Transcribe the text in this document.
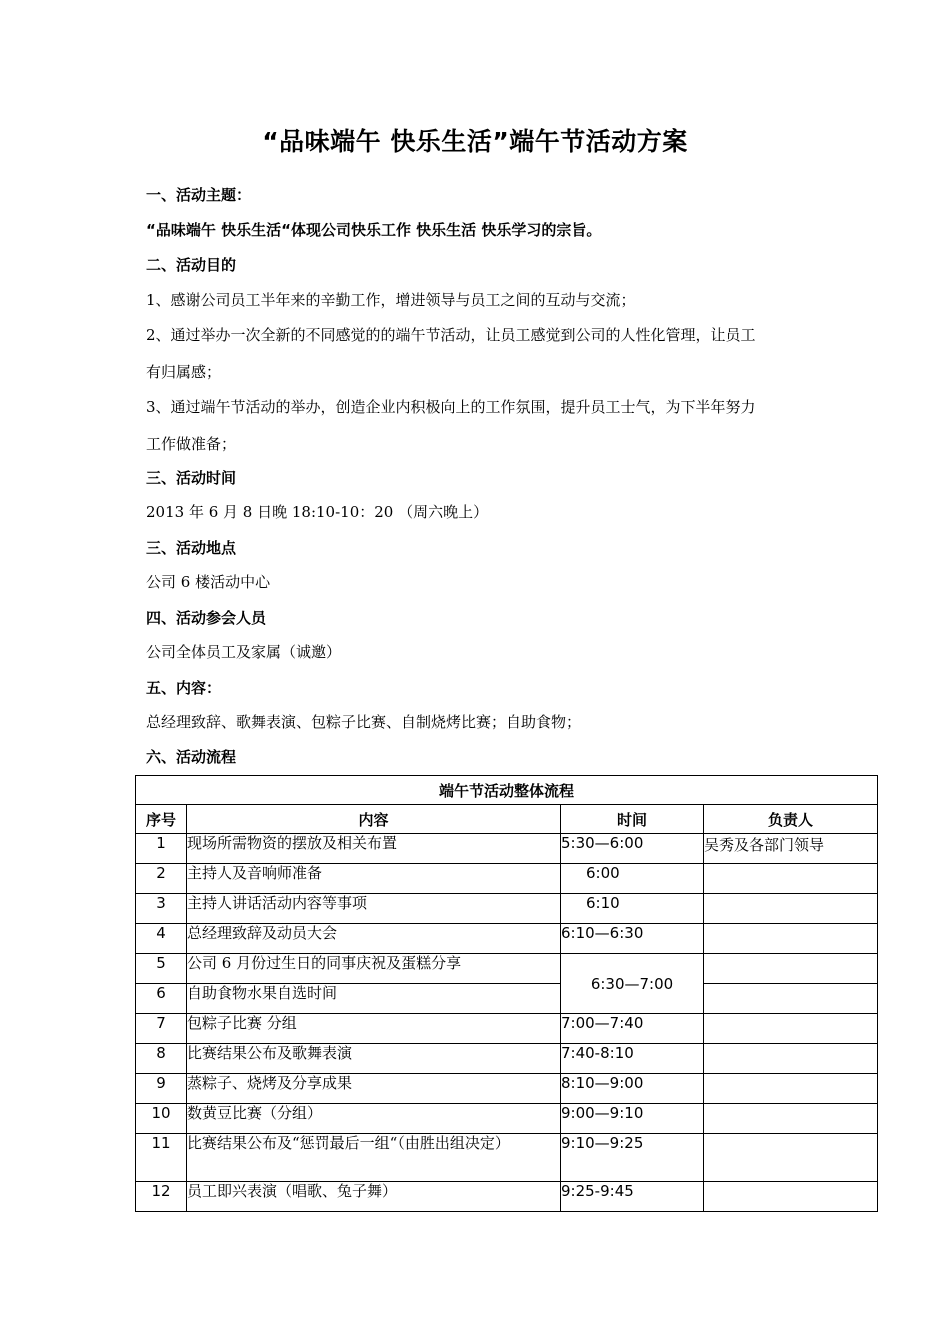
“品味端午 快乐生活”端午节活动方案
一、活动主题：
“品味端午 快乐生活“体现公司快乐工作 快乐生活 快乐学习的宗旨。
二、活动目的
1、感谢公司员工半年来的辛勤工作，增进领导与员工之间的互动与交流；
2、通过举办一次全新的不同感觉的的端午节活动，让员工感觉到公司的人性化管理，让员工
有归属感；
3、通过端午节活动的举办，创造企业内积极向上的工作氛围，提升员工士气，为下半年努力
工作做准备；
三、活动时间
2013 年 6 月 8 日晚 18:10-10：20 （周六晚上）
三、活动地点
公司 6 楼活动中心
四、活动参会人员
公司全体员工及家属（诚邀）
五、内容：
总经理致辞、歌舞表演、包粽子比赛、自制烧烤比赛；自助食物；
六、活动流程
端午节活动整体流程			
序号	内容	时间	负责人
1	现场所需物资的摆放及相关布置	5:30—6:00	吴秀及各部门领导
2	主持人及音响师准备	6:00	
3	主持人讲话活动内容等事项	6:10	
4	总经理致辞及动员大会	6:10—6:30	
5	公司 6 月份过生日的同事庆祝及蛋糕分享	6:30—7:00	
6	自助食物水果自选时间		
7	包粽子比赛 分组	7:00—7:40	
8	比赛结果公布及歌舞表演	7:40-8:10	
9	蒸粽子、烧烤及分享成果	8:10—9:00	
10	数黄豆比赛（分组）	9:00—9:10	
11	比赛结果公布及“惩罚最后一组“（由胜出组决定）	9:10—9:25	
12	员工即兴表演（唱歌、兔子舞）	9:25-9:45	
